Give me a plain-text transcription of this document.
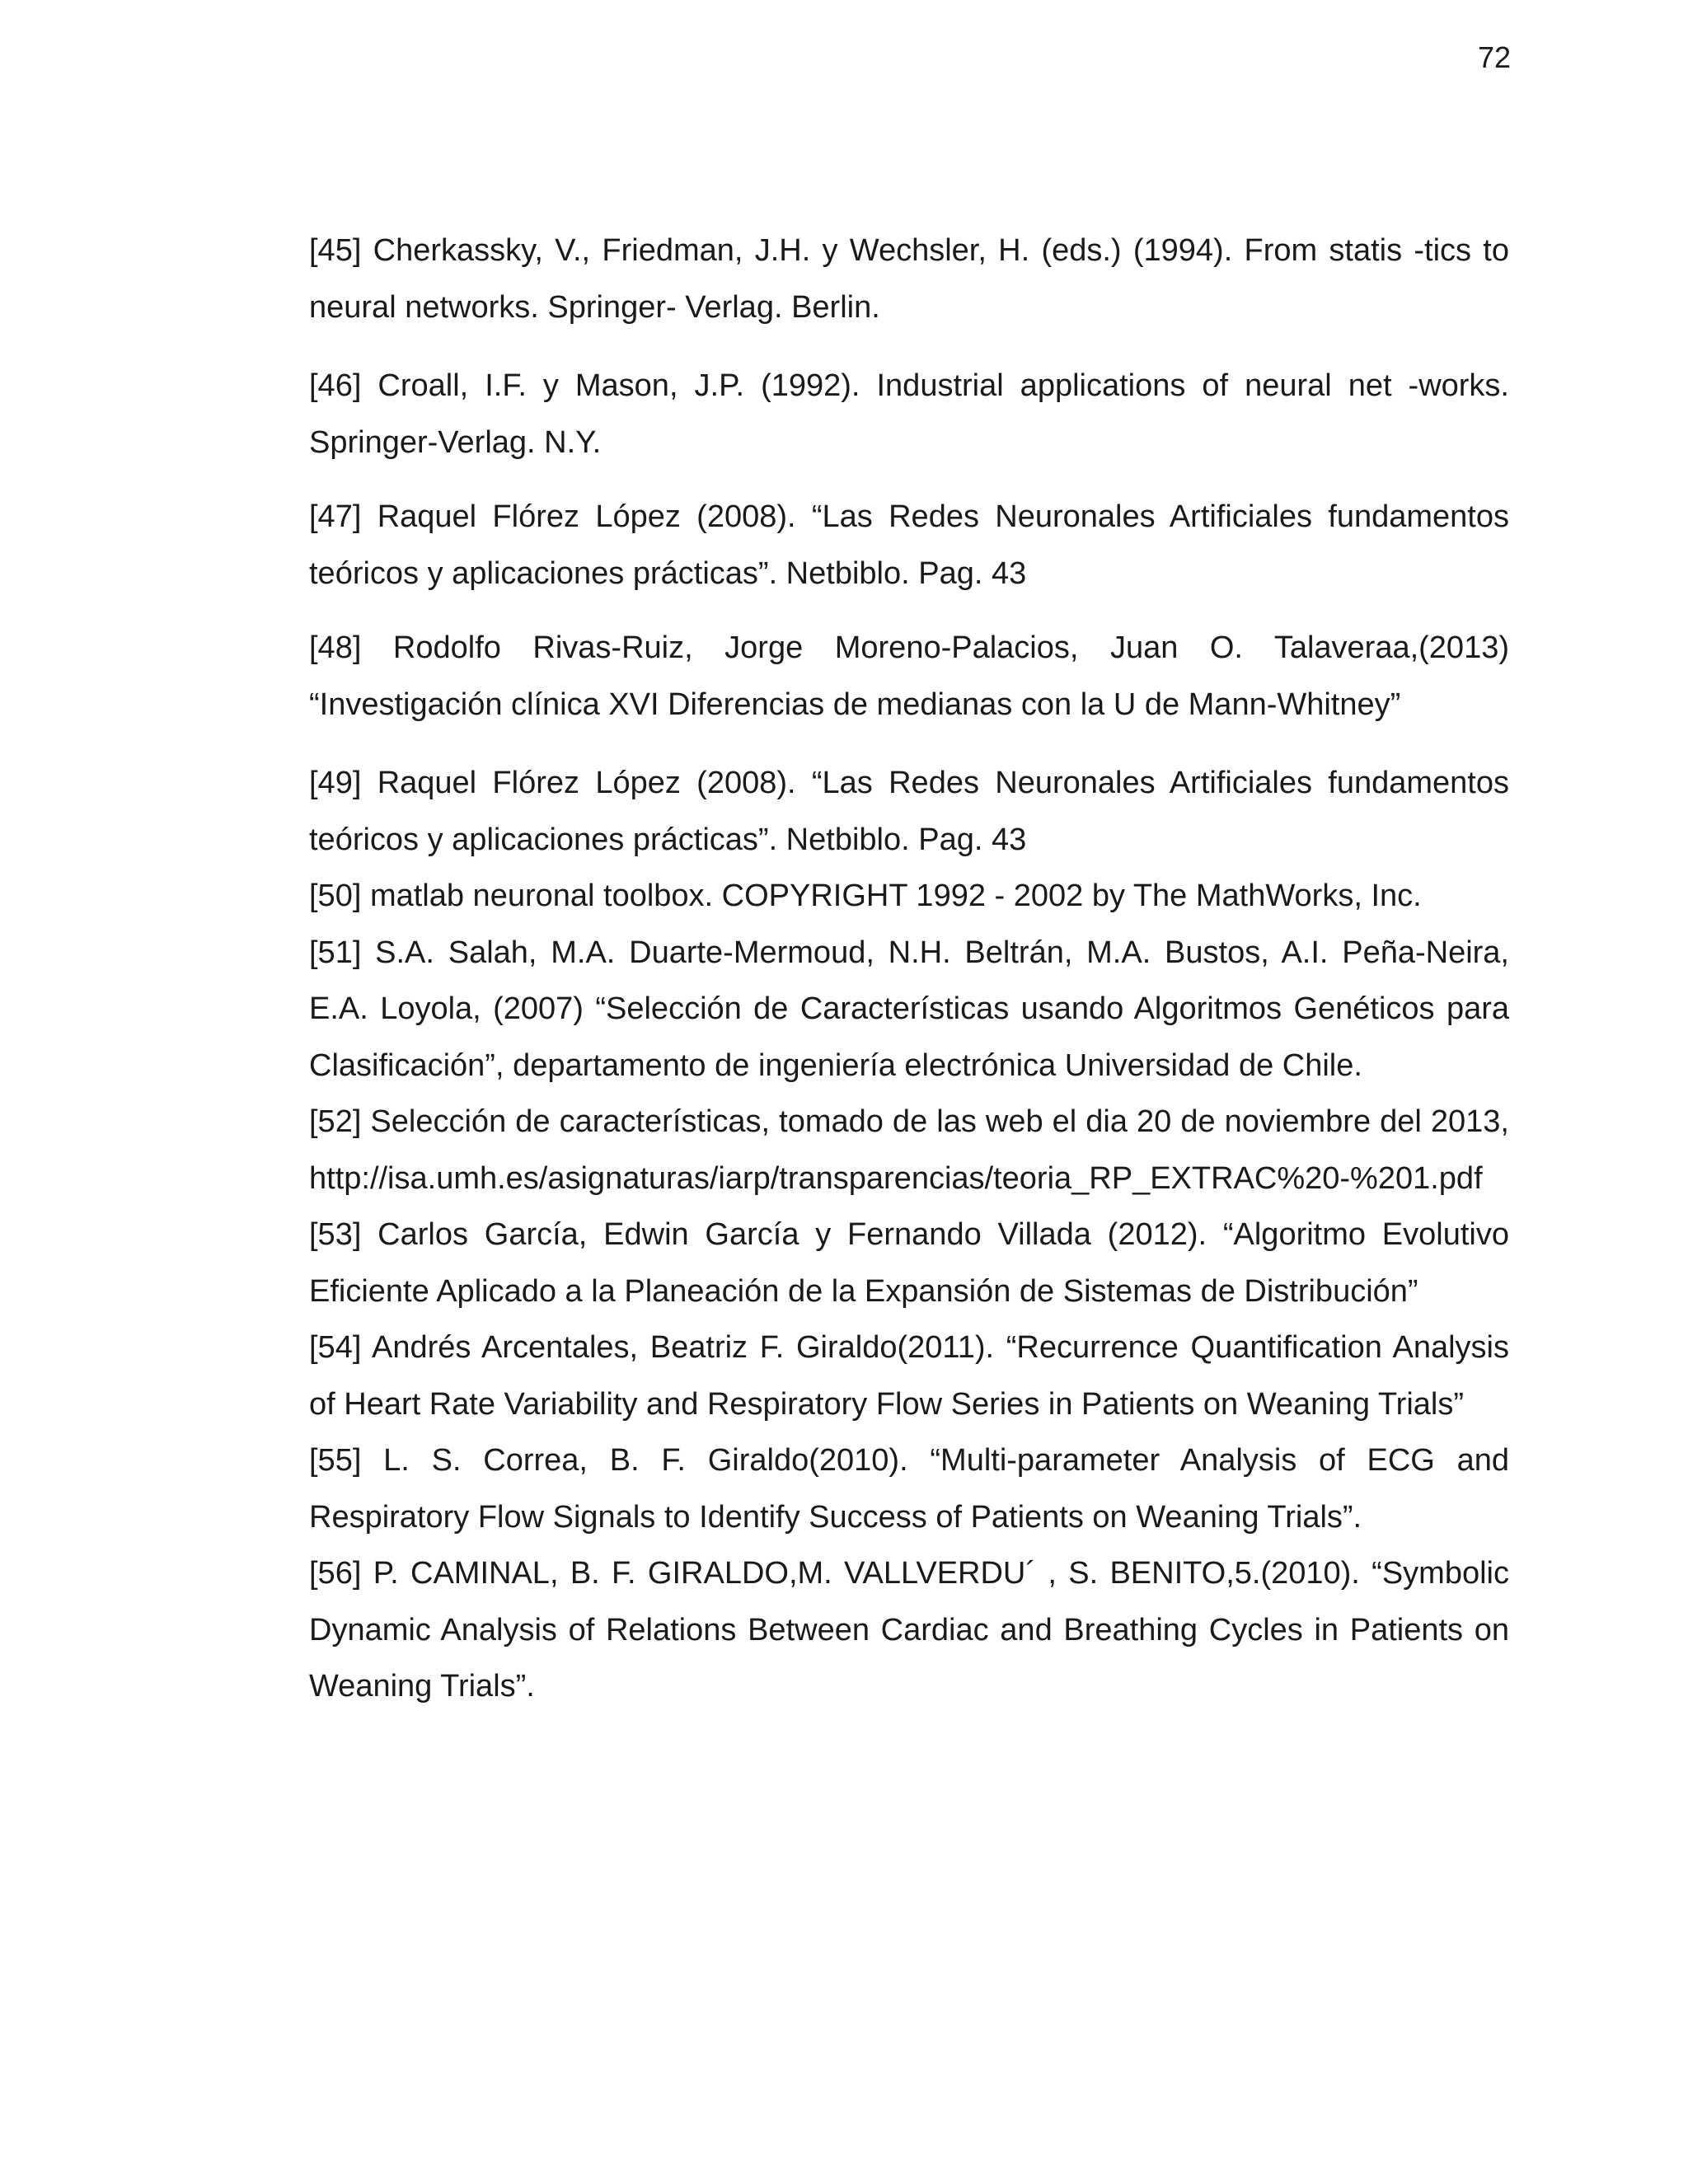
72

[45] Cherkassky, V., Friedman, J.H. y Wechsler, H. (eds.) (1994). From statis -tics to neural networks. Springer- Verlag. Berlin.

[46] Croall, I.F. y Mason, J.P. (1992). Industrial applications of neural net -works. Springer-Verlag. N.Y.

[47] Raquel Flórez López (2008). “Las Redes Neuronales Artificiales fundamentos teóricos y aplicaciones prácticas”. Netbiblo. Pag. 43

[48] Rodolfo Rivas-Ruiz, Jorge Moreno-Palacios, Juan O. Talaveraa,(2013) “Investigación clínica XVI Diferencias de medianas con la U de Mann-Whitney”

[49] Raquel Flórez López (2008). “Las Redes Neuronales Artificiales fundamentos teóricos y aplicaciones prácticas”. Netbiblo. Pag. 43

[50] matlab neuronal toolbox. COPYRIGHT 1992 - 2002 by The MathWorks, Inc.

[51] S.A. Salah, M.A. Duarte-Mermoud, N.H. Beltrán, M.A. Bustos, A.I. Peña-Neira, E.A. Loyola, (2007) “Selección de Características usando Algoritmos Genéticos para Clasificación”, departamento de ingeniería electrónica Universidad de Chile.

[52] Selección de características, tomado de las web el dia 20 de noviembre del 2013, http://isa.umh.es/asignaturas/iarp/transparencias/teoria_RP_EXTRAC%20-%201.pdf

[53] Carlos García, Edwin García y Fernando Villada (2012). “Algoritmo Evolutivo Eficiente Aplicado a la Planeación de la Expansión de Sistemas de Distribución”

[54] Andrés Arcentales, Beatriz F. Giraldo(2011). “Recurrence Quantification Analysis of Heart Rate Variability and Respiratory Flow Series in Patients on Weaning Trials”

[55] L. S. Correa, B. F. Giraldo(2010). “Multi-parameter Analysis of ECG and Respiratory Flow Signals to Identify Success of Patients on Weaning Trials”.

[56] P. CAMINAL, B. F. GIRALDO,M. VALLVERDU´ , S. BENITO,5.(2010). “Symbolic Dynamic Analysis of Relations Between Cardiac and Breathing Cycles in Patients on Weaning Trials”.
